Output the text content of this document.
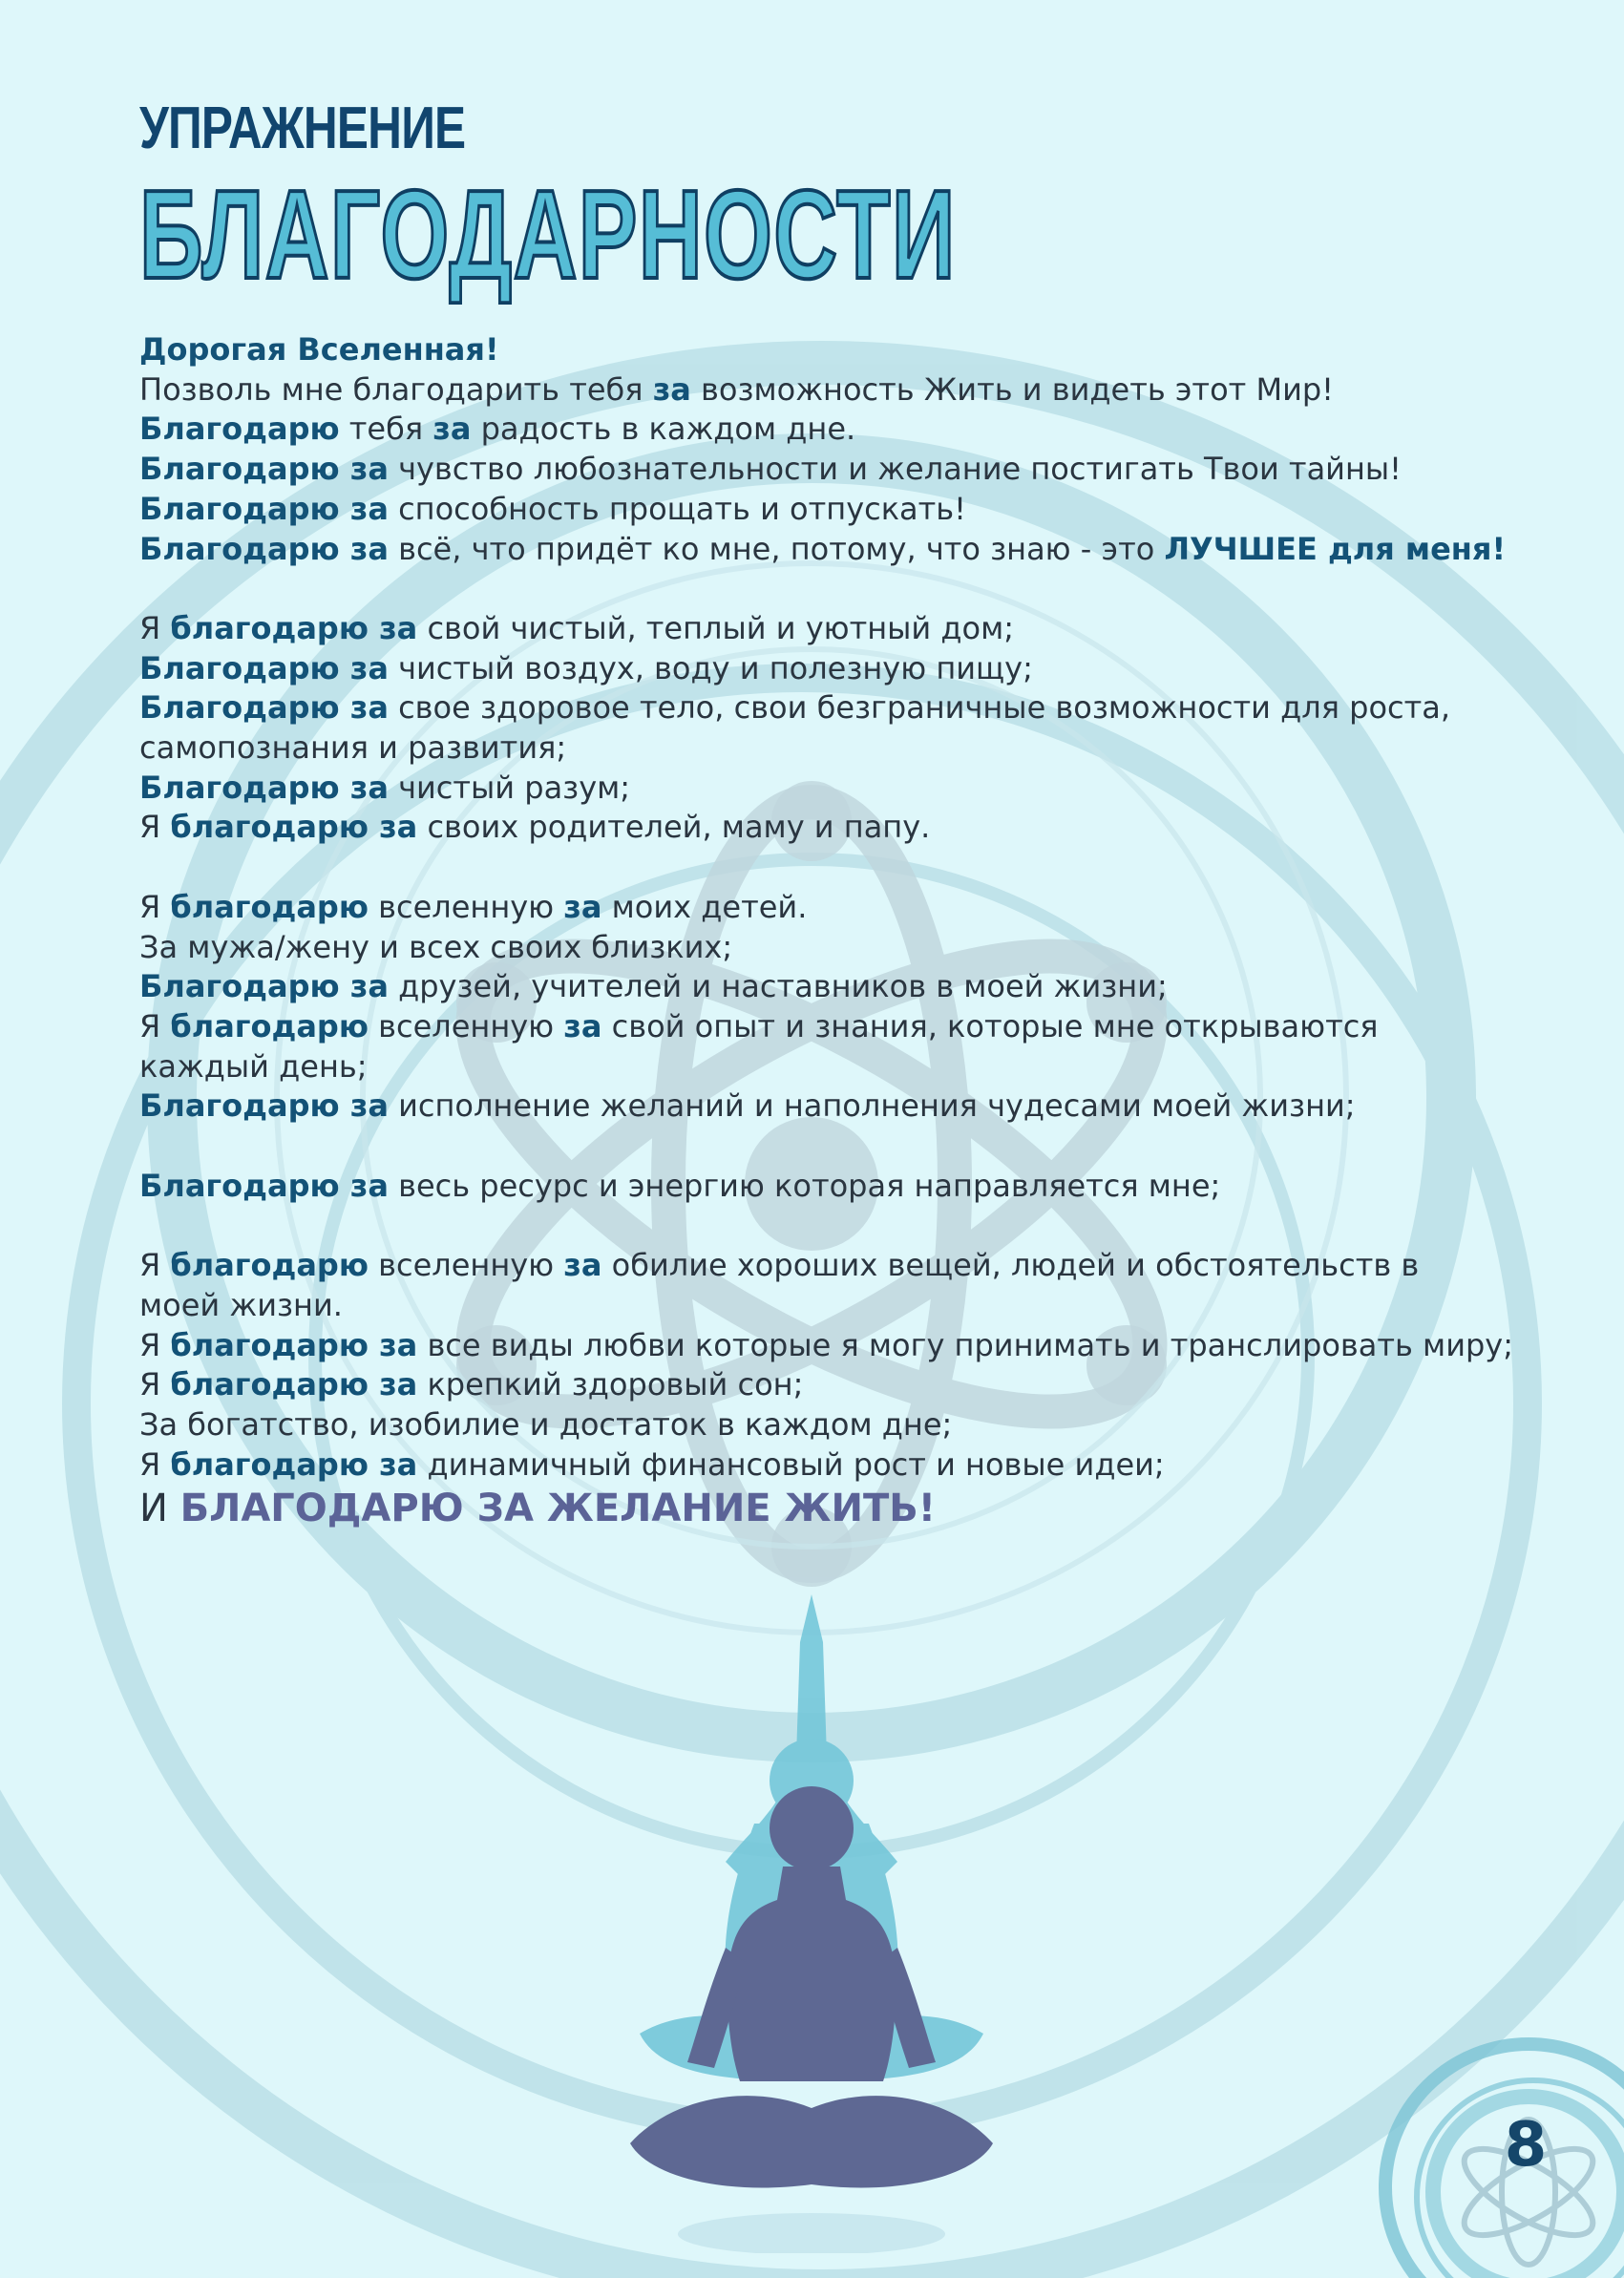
УПРАЖНЕНИЕ
БЛАГОДАРНОСТИ
Дорогая Вселенная!
Позволь мне благодарить тебя за возможность Жить и видеть этот Мир!
Благодарю тебя за радость в каждом дне.
Благодарю за чувство любознательности и желание постигать Твои тайны!
Благодарю за способность прощать и отпускать!
Благодарю за всё, что придёт ко мне, потому, что знаю - это ЛУЧШЕЕ для меня!
Я благодарю за свой чистый, теплый и уютный дом;
Благодарю за чистый воздух, воду и полезную пищу;
Благодарю за свое здоровое тело, свои безграничные возможности для роста,
самопознания и развития;
Благодарю за чистый разум;
Я благодарю за своих родителей, маму и папу.
Я благодарю вселенную за моих детей.
За мужа/жену и всех своих близких;
Благодарю за друзей, учителей и наставников в моей жизни;
Я благодарю вселенную за свой опыт и знания, которые мне открываются
каждый день;
Благодарю за исполнение желаний и наполнения чудесами моей жизни;
Благодарю за весь ресурс и энергию которая направляется мне;
Я благодарю вселенную за обилие хороших вещей, людей и обстоятельств в
моей жизни.
Я благодарю за все виды любви которые я могу принимать и транслировать миру;
Я благодарю за крепкий здоровый сон;
За богатство, изобилие и достаток в каждом дне;
Я благодарю за динамичный финансовый рост и новые идеи;
И БЛАГОДАРЮ ЗА ЖЕЛАНИЕ ЖИТЬ!
8
